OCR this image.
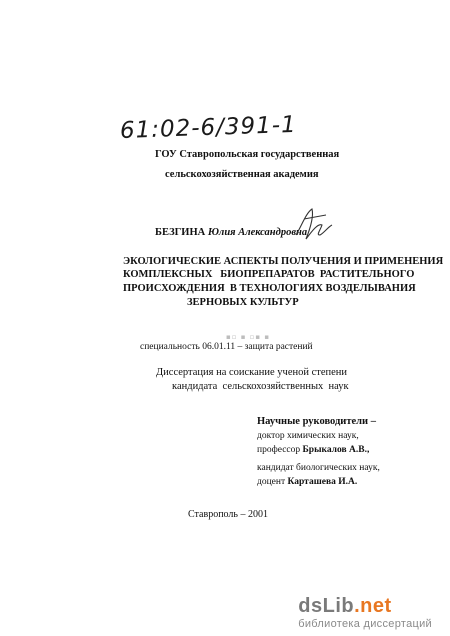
61:02-6/391-1
ГОУ Ставропольская государственная
сельскохозяйственная академия
БЕЗГИНА Юлия Александровна
ЭКОЛОГИЧЕСКИЕ АСПЕКТЫ ПОЛУЧЕНИЯ И ПРИМЕНЕНИЯ
КОМПЛЕКСНЫХ   БИОПРЕПАРАТОВ  РАСТИТЕЛЬНОГО
ПРОИСХОЖДЕНИЯ  В ТЕХНОЛОГИЯХ ВОЗДЕЛЫВАНИЯ
ЗЕРНОВЫХ КУЛЬТУР
▪▫ ▪ ▫▪ ▪
специальность 06.01.11 – защита растений
Диссертация на соискание ученой степени
кандидата  сельскохозяйственных  наук
Научные руководители –
доктор химических наук,
профессор Брыкалов А.В.,
кандидат биологических наук,
доцент Карташева И.А.
Ставрополь – 2001
dsLib.net
библиотека диссертаций
